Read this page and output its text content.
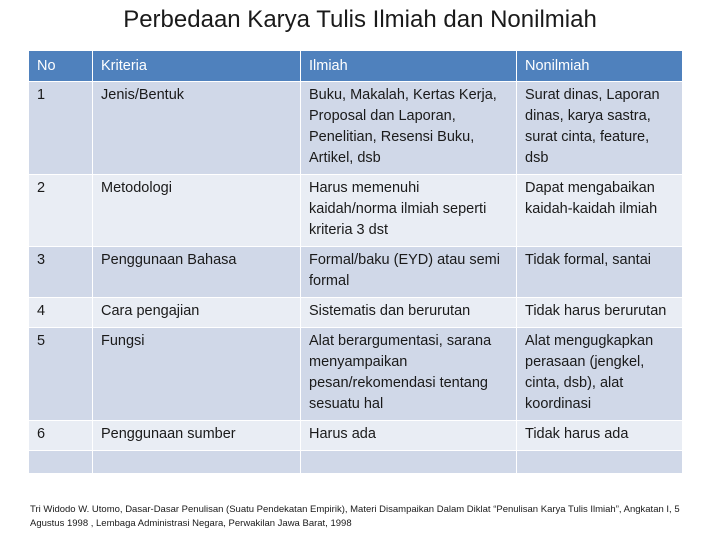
Perbedaan Karya Tulis Ilmiah dan Nonilmiah
No	Kriteria	Ilmiah	Nonilmiah
1	Jenis/Bentuk	Buku, Makalah, Kertas Kerja, Proposal dan Laporan, Penelitian, Resensi Buku, Artikel, dsb	Surat dinas, Laporan dinas, karya sastra, surat cinta, feature, dsb
2	Metodologi	Harus memenuhi kaidah/norma ilmiah seperti kriteria 3 dst	Dapat mengabaikan kaidah-kaidah ilmiah
3	Penggunaan Bahasa	Formal/baku (EYD) atau semi formal	Tidak formal, santai
4	Cara pengajian	Sistematis dan berurutan	Tidak harus berurutan
5	Fungsi	Alat berargumentasi, sarana menyampaikan pesan/rekomendasi tentang sesuatu hal	Alat mengugkapkan perasaan (jengkel, cinta, dsb), alat koordinasi
6	Penggunaan sumber	Harus ada	Tidak harus ada

Tri Widodo W. Utomo, Dasar-Dasar Penulisan (Suatu Pendekatan Empirik), Materi Disampaikan Dalam Diklat “Penulisan Karya Tulis Ilmiah”, Angkatan I, 5 Agustus 1998 , Lembaga Administrasi Negara, Perwakilan Jawa Barat, 1998
